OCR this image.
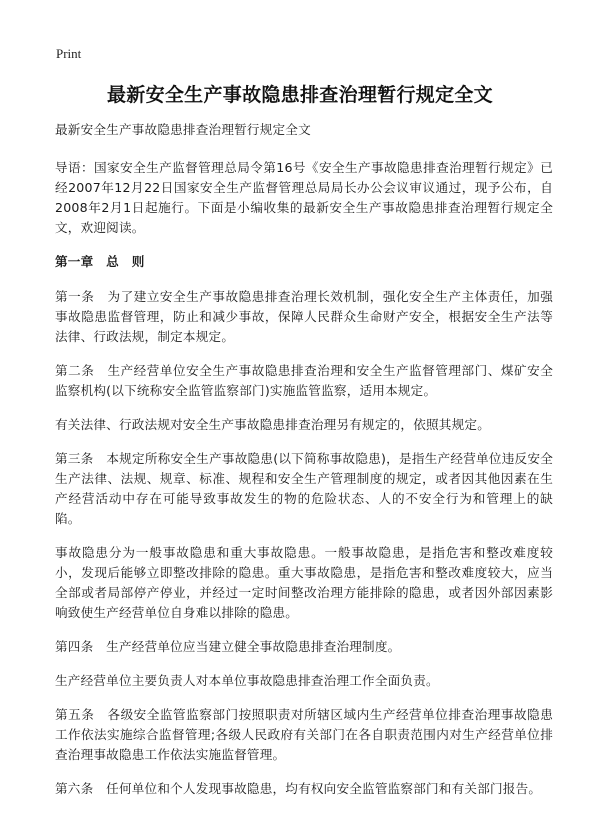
Print
最新安全生产事故隐患排查治理暂行规定全文

最新安全生产事故隐患排查治理暂行规定全文

导语：国家安全生产监督管理总局令第16号《安全生产事故隐患排查治理暂行规定》已经2007年12月22日国家安全生产监督管理总局局长办公会议审议通过，现予公布，自2008年2月1日起施行。下面是小编收集的最新安全生产事故隐患排查治理暂行规定全文，欢迎阅读。

第一章　总　则

第一条　为了建立安全生产事故隐患排查治理长效机制，强化安全生产主体责任，加强事故隐患监督管理，防止和减少事故，保障人民群众生命财产安全，根据安全生产法等法律、行政法规，制定本规定。

第二条　生产经营单位安全生产事故隐患排查治理和安全生产监督管理部门、煤矿安全监察机构(以下统称安全监管监察部门)实施监管监察，适用本规定。

有关法律、行政法规对安全生产事故隐患排查治理另有规定的，依照其规定。

第三条　本规定所称安全生产事故隐患(以下简称事故隐患)，是指生产经营单位违反安全生产法律、法规、规章、标准、规程和安全生产管理制度的规定，或者因其他因素在生产经营活动中存在可能导致事故发生的物的危险状态、人的不安全行为和管理上的缺陷。

事故隐患分为一般事故隐患和重大事故隐患。一般事故隐患，是指危害和整改难度较小，发现后能够立即整改排除的隐患。重大事故隐患，是指危害和整改难度较大，应当全部或者局部停产停业，并经过一定时间整改治理方能排除的隐患，或者因外部因素影响致使生产经营单位自身难以排除的隐患。

第四条　生产经营单位应当建立健全事故隐患排查治理制度。

生产经营单位主要负责人对本单位事故隐患排查治理工作全面负责。

第五条　各级安全监管监察部门按照职责对所辖区域内生产经营单位排查治理事故隐患工作依法实施综合监督管理;各级人民政府有关部门在各自职责范围内对生产经营单位排查治理事故隐患工作依法实施监督管理。

第六条　任何单位和个人发现事故隐患，均有权向安全监管监察部门和有关部门报告。
